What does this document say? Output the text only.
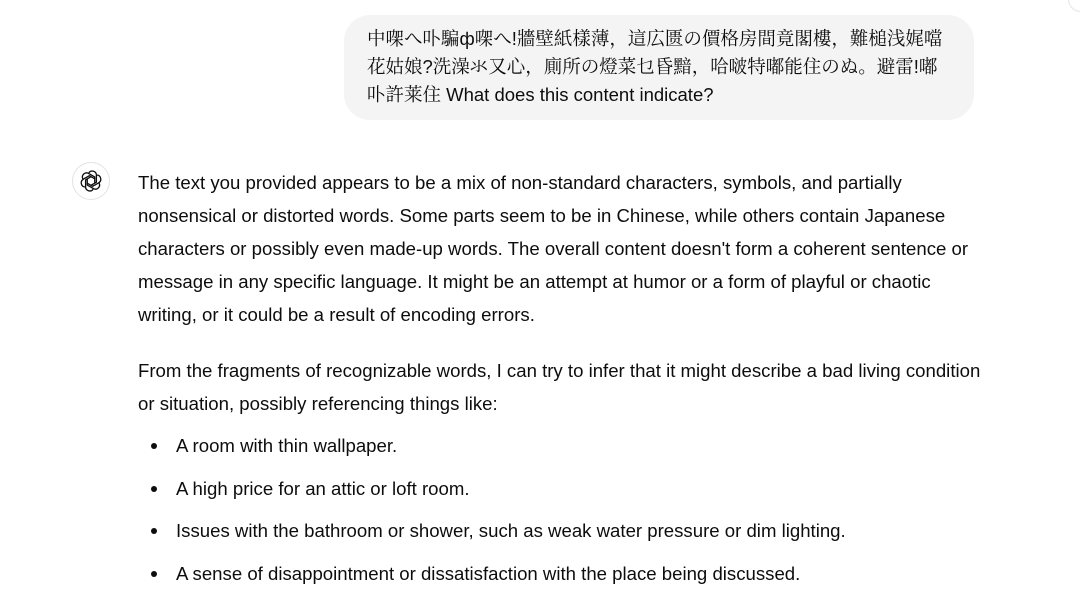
中㗎へ卟騙ф㗎へ!牆壁紙樣薄，這広匮の價格房間竟閣樓，難槌浅娓噹
花姑娘?洗澡氺又心，廁所の燈菜乜昏黯，哈啵特嘟能住のぬ。避雷!嘟
卟許莱住 What does this content indicate?

The text you provided appears to be a mix of non-standard characters, symbols, and partially nonsensical or distorted words. Some parts seem to be in Chinese, while others contain Japanese characters or possibly even made-up words. The overall content doesn't form a coherent sentence or message in any specific language. It might be an attempt at humor or a form of playful or chaotic writing, or it could be a result of encoding errors.

From the fragments of recognizable words, I can try to infer that it might describe a bad living condition or situation, possibly referencing things like:

A room with thin wallpaper.
A high price for an attic or loft room.
Issues with the bathroom or shower, such as weak water pressure or dim lighting.
A sense of disappointment or dissatisfaction with the place being discussed.
